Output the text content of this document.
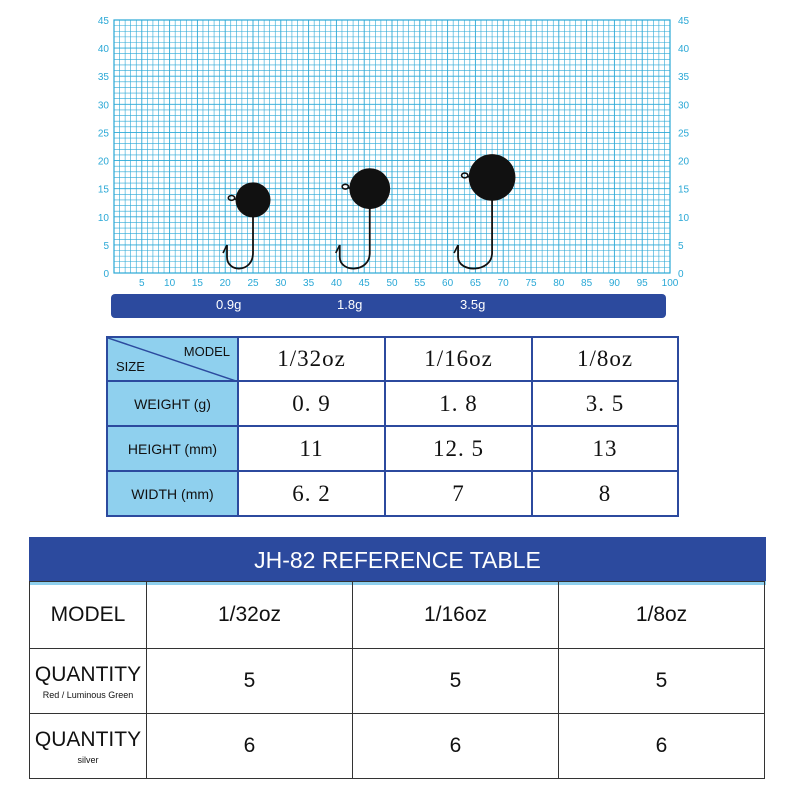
5 10 15 20 25 30 35 40 45 50 55 60 65 70 75 80 85 90 95 100
0	0
5	5
10	10
15	15
20	20
25	25
30	30
35	35
40	40
45	45
0.9g	1.8g	3.5g
MODEL
SIZE	1/32oz	1/16oz	1/8oz
WEIGHT (g)	0. 9	1. 8	3. 5
HEIGHT (mm)	11	12. 5	13
WIDTH (mm)	6. 2	7	8
JH-82 REFERENCE TABLE
MODEL	1/32oz	1/16oz	1/8oz
QUANTITY
Red / Luminous Green	5	5	5
QUANTITY
silver	6	6	6
